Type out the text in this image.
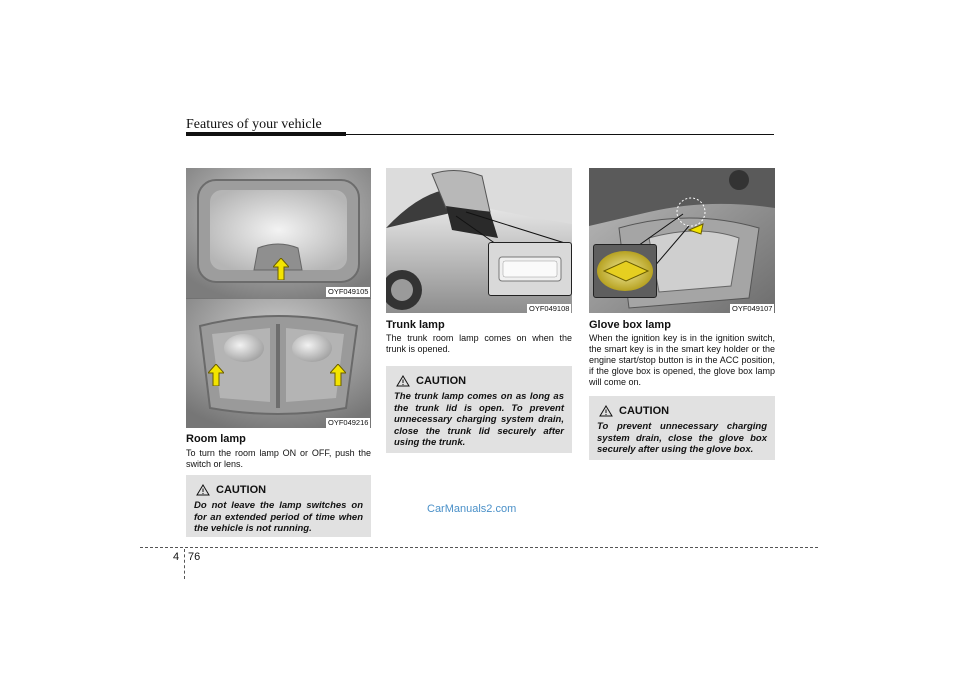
Features of your vehicle
OYF049105
OYF049216
Room lamp

To turn the room lamp ON or OFF, push the switch or lens.

CAUTION

Do not leave the lamp switches on for an extended period of time when the vehicle is not running.

OYF049108
Trunk lamp

The trunk room lamp comes on when the trunk is opened.

CAUTION

The trunk lamp comes on as long as the trunk lid is open. To prevent unnecessary charging system drain, close the trunk lid securely after using the trunk.

OYF049107
Glove box lamp

When the ignition key is in the ignition switch, the smart key is in the smart key holder or the engine start/stop button is in the ACC position, if the glove box is opened, the glove box lamp will come on.

CAUTION

To prevent unnecessary charging system drain, close the glove box securely after using the glove box.

CarManuals2.com
4 76
